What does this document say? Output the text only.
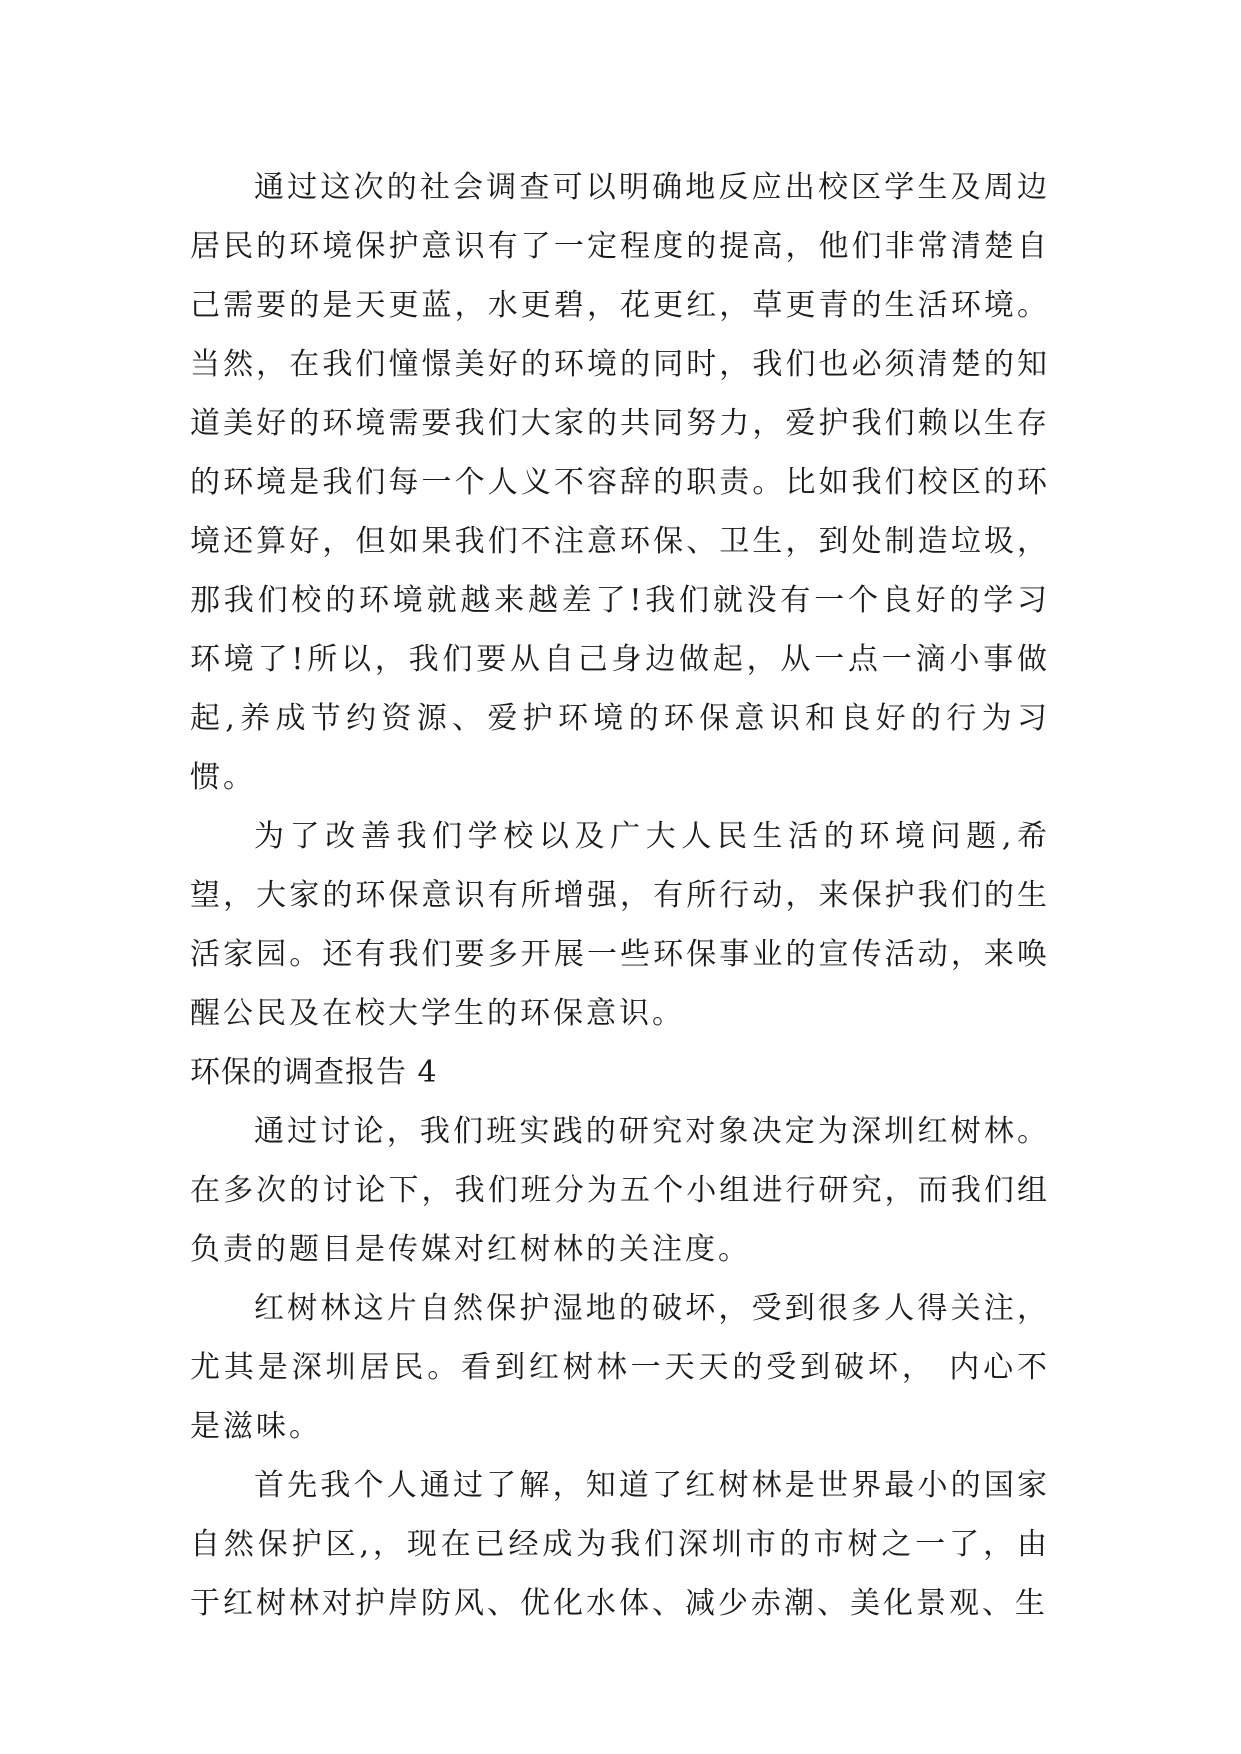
通过这次的社会调查可以明确地反应出校区学生及周边居民的环境保护意识有了一定程度的提高，他们非常清楚自己需要的是天更蓝，水更碧，花更红，草更青的生活环境。当然，在我们憧憬美好的环境的同时，我们也必须清楚的知道美好的环境需要我们大家的共同努力，爱护我们赖以生存的环境是我们每一个人义不容辞的职责。比如我们校区的环境还算好，但如果我们不注意环保、卫生，到处制造垃圾，那我们校的环境就越来越差了!我们就没有一个良好的学习环境了!所以，我们要从自己身边做起，从一点一滴小事做起,养成节约资源、爱护环境的环保意识和良好的行为习惯。

为了改善我们学校以及广大人民生活的环境问题,希望，大家的环保意识有所增强，有所行动，来保护我们的生活家园。还有我们要多开展一些环保事业的宣传活动，来唤醒公民及在校大学生的环保意识。

环保的调查报告 4

通过讨论，我们班实践的研究对象决定为深圳红树林。在多次的讨论下，我们班分为五个小组进行研究，而我们组负责的题目是传媒对红树林的关注度。

红树林这片自然保护湿地的破坏，受到很多人得关注，尤其是深圳居民。看到红树林一天天的受到破坏， 内心不是滋味。

首先我个人通过了解，知道了红树林是世界最小的国家自然保护区,，现在已经成为我们深圳市的市树之一了，由于红树林对护岸防风、优化水体、减少赤潮、美化景观、生
